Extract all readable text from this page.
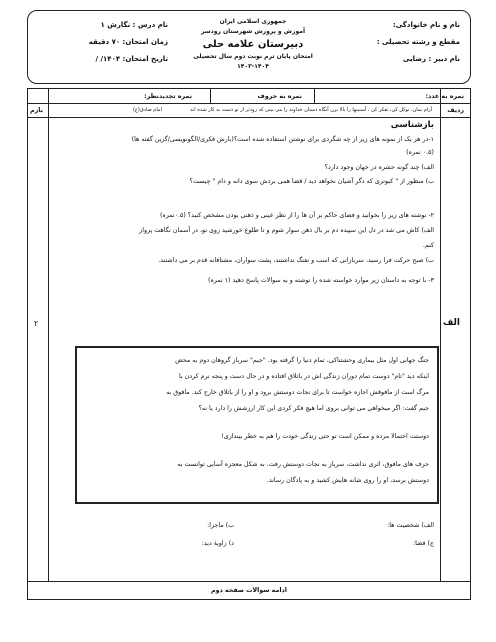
نام و نام خانوادگی:
مقطع و رشته تحصیلی :
نام دبیر : رضایی
جمهوری اسلامی ایران
آموزش و پرورش شهرستان رودسر
دبیرستان علامه حلی
امتحان پایان ترم نوبت دوم سال تحصیلی ۱۴۰۴-۱۴۰۳
نام درس : نگارش ۱
زمان امتحان: ۷۰ دقیقه
تاریخ امتحان: ۱۴۰۴/ /
نمره به عدد:
نمره به حروف
نمره تجدیدنظر:
ردیف
آرام بمان، توکل کن، تفکر کن ، آستینها را بالا بزن آنگاه دستان خداوند را می بینی که زودتر از تو دست به کار شده اند
امام صادق(ع)
بارم
الف
۲
بازشناسی
۱-در هر یک از نمونه های زیر از چه شگردی برای نوشتن استفاده شده است؟(بارش فکری/الگونویسی/گزین گفته ها)
(۰.۵ نمره)
الف) چند گونه حشره در جهان وجود دارد؟
ب) منظور از " کبوتری که دگر آشیان نخواهد دید / قضا همی بردش سوی دانه و دام " چیست؟
۲- نوشته های زیر را بخوانید و فضای حاکم بر آن ها را از نظر عینی و ذهنی بودن مشخص کنید؟ (۰.۵نمره)
الف) کاش می شد در دل این سپیده دم بر بال ذهن سوار شوم و تا طلوع خورشید روی تو، در آسمان نگاهت پرواز
کنم.
ب) صبح حرکت فرا رسید، سربازانی که اسب و تفنگ نداشتند، پشت سواران، مشتاقانه قدم بر می داشتند.
۳- با توجه به داستان زیر موارد خواسته شده را نوشته و به سوالات پاسخ دهید (۱ نمره)
الف) شخصیت ها:
ب) ماجرا:
ج) فضا:
د) زاویهٔ دید:
ادامه سوالات صفحه دوم

جنگ جهانی اول مثل بیماری وحشتناکی، تمام دنیا را گرفته بود. "جیم" سرباز گروهان دوم به محض

اینکه دید "تام" دوست تمام دوران زندگی اش در باتلاق افتاده و در حال دست و پنجه نرم کردن با

مرگ است از مافوقش اجازه خواست تا برای نجات دوستش برود و او را از باتلاق خارج کند. مافوق به

جیم گفت: اگر میخواهی می توانی بروی اما هیچ فکر کردی این کار ارزشش را دارد یا نه؟

دوستت احتمالا مرده و ممکن است تو حتی زندگی خودت را هم به خطر بیندازی!

حرف های مافوق، اثری نداشت، سرباز به نجات دوستش رفت. به شکل معجزه آسایی توانست به

دوستش برسد، او را روی شانه هایش کشید و به پادگان رساند.
